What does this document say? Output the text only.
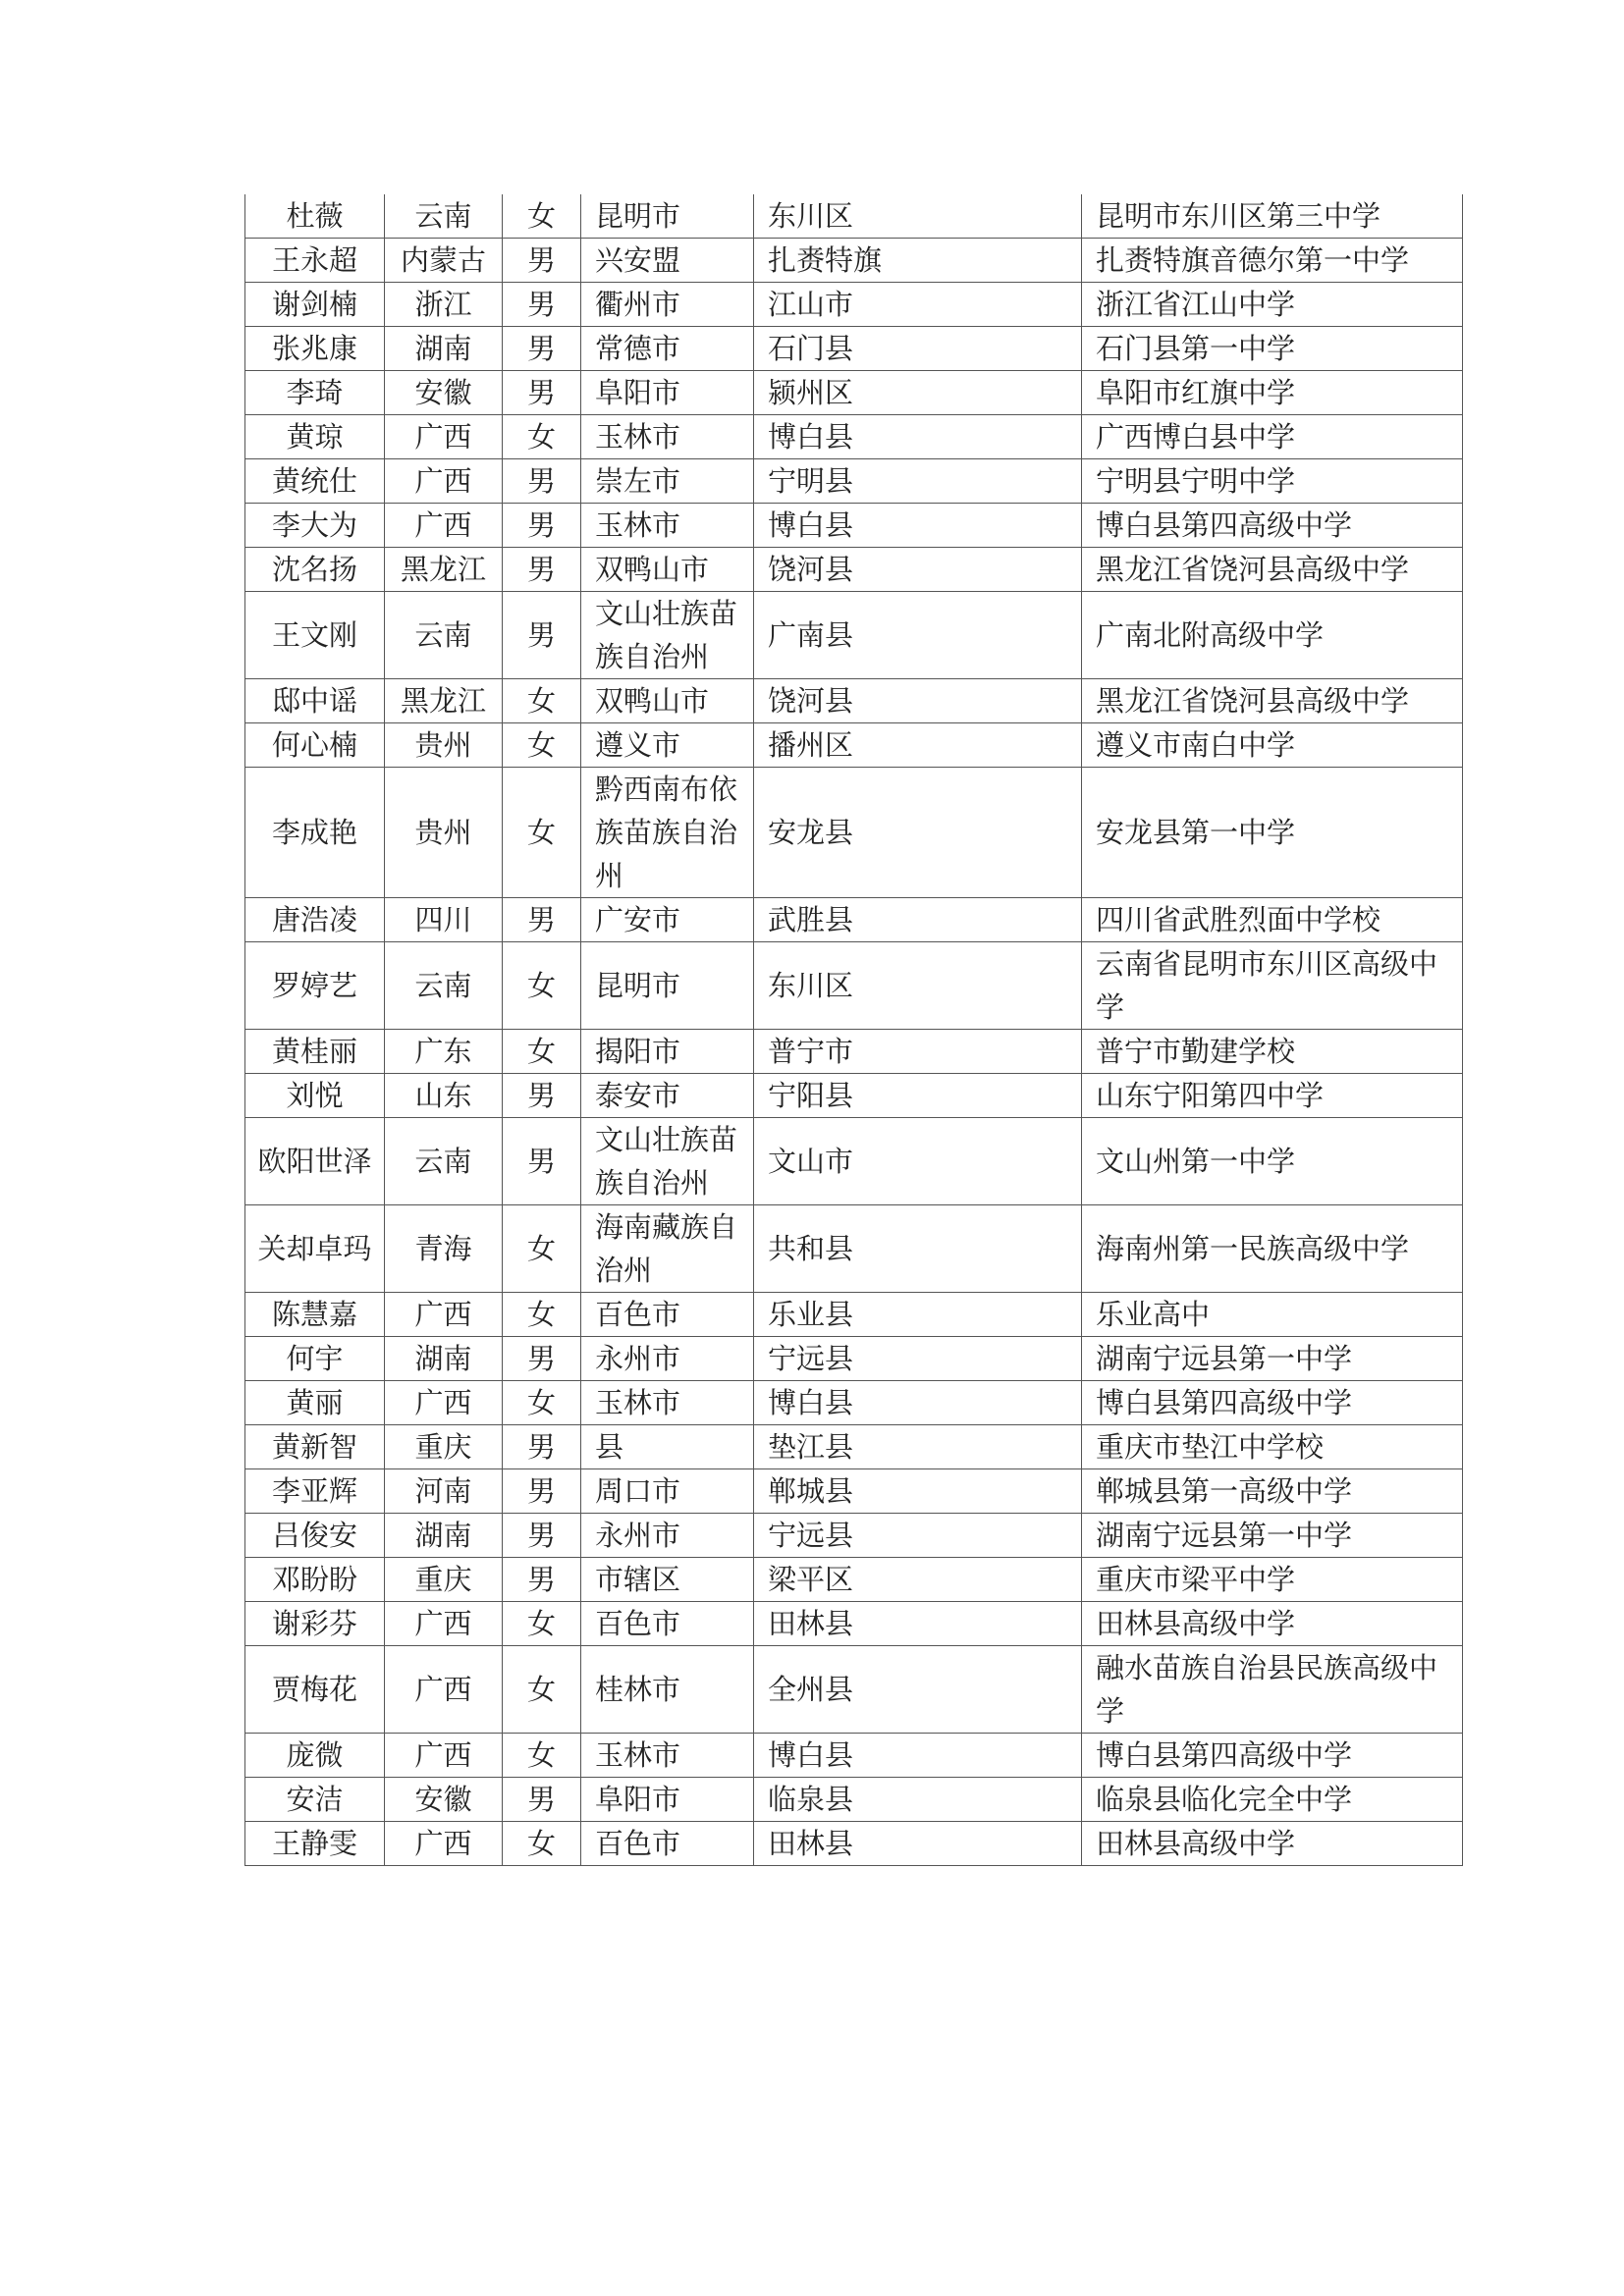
杜薇	云南	女	昆明市	东川区	昆明市东川区第三中学
王永超	内蒙古	男	兴安盟	扎赉特旗	扎赉特旗音德尔第一中学
谢剑楠	浙江	男	衢州市	江山市	浙江省江山中学
张兆康	湖南	男	常德市	石门县	石门县第一中学
李琦	安徽	男	阜阳市	颍州区	阜阳市红旗中学
黄琼	广西	女	玉林市	博白县	广西博白县中学
黄统仕	广西	男	崇左市	宁明县	宁明县宁明中学
李大为	广西	男	玉林市	博白县	博白县第四高级中学
沈名扬	黑龙江	男	双鸭山市	饶河县	黑龙江省饶河县高级中学
王文刚	云南	男	文山壮族苗族自治州	广南县	广南北附高级中学
邸中谣	黑龙江	女	双鸭山市	饶河县	黑龙江省饶河县高级中学
何心楠	贵州	女	遵义市	播州区	遵义市南白中学
李成艳	贵州	女	黔西南布依族苗族自治州	安龙县	安龙县第一中学
唐浩凌	四川	男	广安市	武胜县	四川省武胜烈面中学校
罗婷艺	云南	女	昆明市	东川区	云南省昆明市东川区高级中学
黄桂丽	广东	女	揭阳市	普宁市	普宁市勤建学校
刘悦	山东	男	泰安市	宁阳县	山东宁阳第四中学
欧阳世泽	云南	男	文山壮族苗族自治州	文山市	文山州第一中学
关却卓玛	青海	女	海南藏族自治州	共和县	海南州第一民族高级中学
陈慧嘉	广西	女	百色市	乐业县	乐业高中
何宇	湖南	男	永州市	宁远县	湖南宁远县第一中学
黄丽	广西	女	玉林市	博白县	博白县第四高级中学
黄新智	重庆	男	县	垫江县	重庆市垫江中学校
李亚辉	河南	男	周口市	郸城县	郸城县第一高级中学
吕俊安	湖南	男	永州市	宁远县	湖南宁远县第一中学
邓盼盼	重庆	男	市辖区	梁平区	重庆市梁平中学
谢彩芬	广西	女	百色市	田林县	田林县高级中学
贾梅花	广西	女	桂林市	全州县	融水苗族自治县民族高级中学
庞微	广西	女	玉林市	博白县	博白县第四高级中学
安洁	安徽	男	阜阳市	临泉县	临泉县临化完全中学
王静雯	广西	女	百色市	田林县	田林县高级中学
